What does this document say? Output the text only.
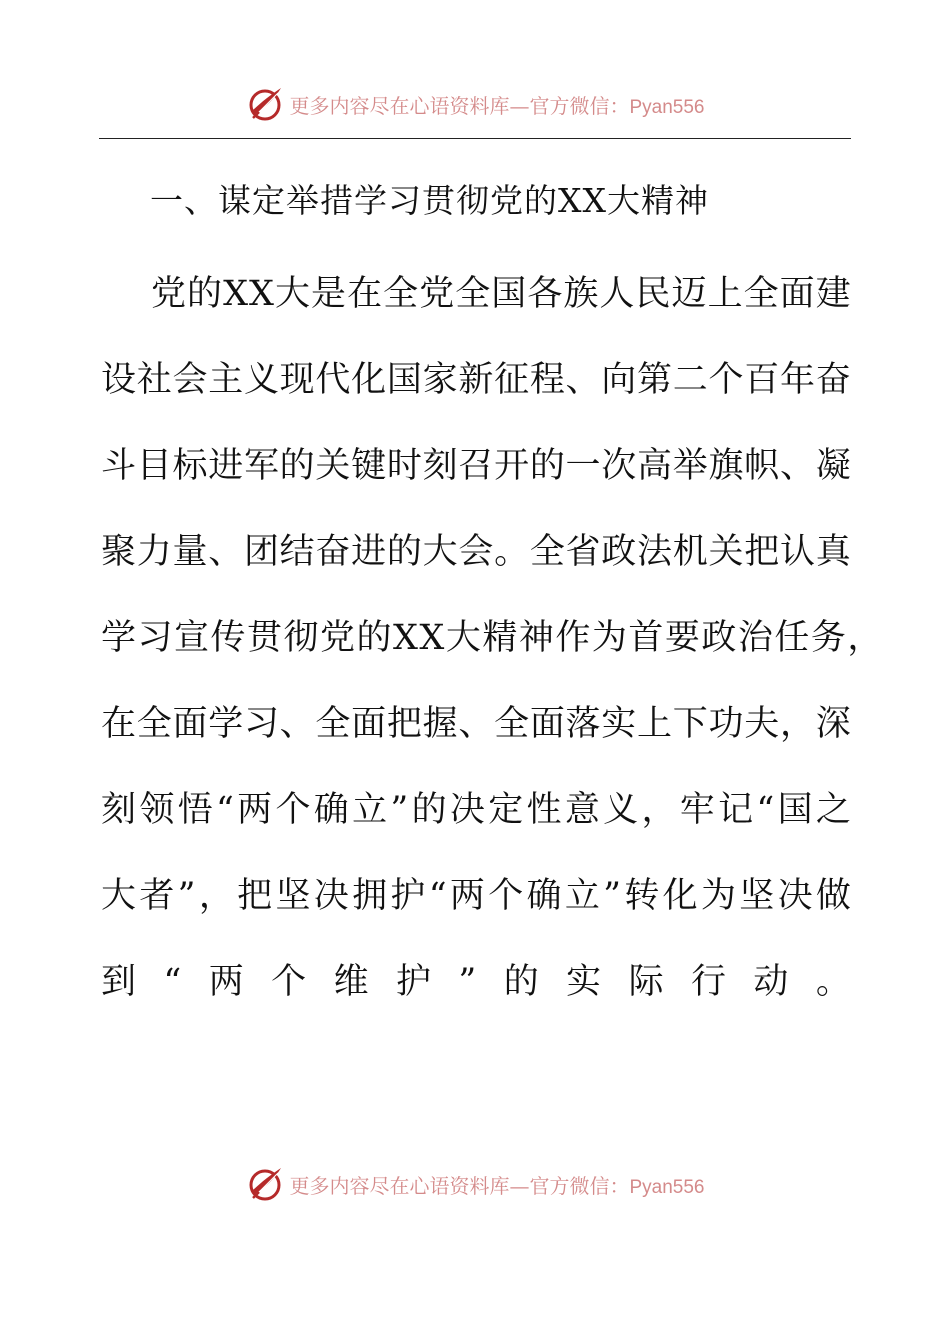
更多内容尽在心语资料库—官方微信：Pyan556
一、谋定举措学习贯彻党的XX大精神
党 的 X X 大 是 在 全 党 全 国 各 族 人 民 迈 上 全 面 建
设 社 会 主 义 现 代 化 国 家 新 征 程 、 向 第 二 个 百 年 奋
斗 目 标 进 军 的 关 键 时 刻 召 开 的 一 次 高 举 旗 帜 、 凝
聚 力 量 、 团 结 奋 进 的 大 会 。 全 省 政 法 机 关 把 认 真
学习宣传贯彻党的XX大精神作为首要政治任务，
在 全 面 学 习 、 全 面 把 握 、 全 面 落 实 上 下 功 夫 ， 深
刻 领 悟 “ 两 个 确 立 ” 的 决 定 性 意 义 ， 牢 记 “ 国 之
大 者 ” ， 把 坚 决 拥 护 “ 两 个 确 立 ” 转 化 为 坚 决 做
到 “ 两 个 维 护 ” 的 实 际 行 动 。
更多内容尽在心语资料库—官方微信：Pyan556
